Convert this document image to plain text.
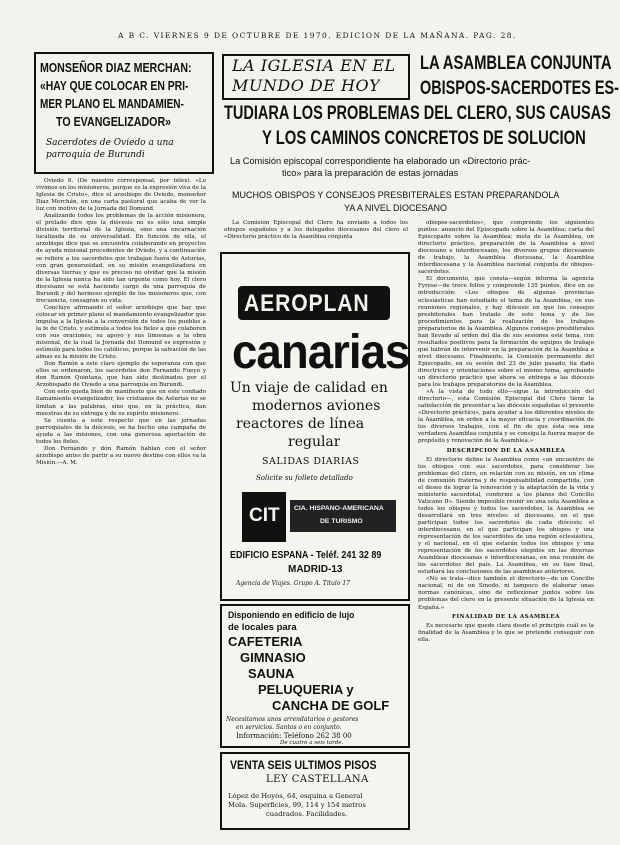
A B C. VIERNES 9 DE OCTUBRE DE 1970. EDICION DE LA MAÑANA. PAG. 28.
MONSEÑOR DIAZ MERCHAN:
«HAY QUE COLOCAR EN PRI-
MER PLANO EL MANDAMIEN-
TO EVANGELIZADOR»
Sacerdotes de Oviedo a una
parroquia de Burundi

Oviedo 8. (De nuestro corresponsal, por télex). «Lo vivimos en los misioneros, porque es la expresión viva de la Iglesia de Cristo», dice el arzobispo de Oviedo, monseñor Díaz Merchán, en una carta pastoral que acaba de ver la luz con motivo de la Jornada del Domund.

Analizando todos los problemas de la acción misionera, el prelado dice que la diócesis no es sólo una simple división territorial de la Iglesia, sino una encarnación localizada de su universalidad. En función de ella, el arzobispo dice que se encuentra colaborando en proyectos de ayuda misional procedentes de Oviedo, y a continuación se refiere a los sacerdotes que trabajan fuera de Asturias, con gran generosidad, en su misión evangelizadora en diversas tierras y que es preciso no olvidar que la misión de la Iglesia nunca ha sido tan urgente como hoy. El clero diocesano se está haciendo cargo de una parroquia de Burundi y del hermoso ejemplo de los misioneros que, con frecuencia, consagran su vida.

Concluye afirmando el señor arzobispo que hay que colocar en primer plano el mandamiento evangelizador que impulsa a la Iglesia a la conversión de todos los pueblos a la fe de Cristo, y estimula a todos los fieles a que colaboren con sus oraciones, su apoyo y sus limosnas a la obra misional, de la cual la Jornada del Domund es expresión y estímulo para todos los católicos, porque la salvación de las almas es la misión de Cristo.

Don Ramón a este claro ejemplo de esperanza con que ellos se ordenaron, los sacerdotes don Fernando Fueyo y don Ramón Quintana, que han sido destinados por el Arzobispado de Oviedo a una parroquia en Burundi.

Con esto queda bien de manifiesto que en este confiado llamamiento evangelizador, los cristianos de Asturias no se limitan a las palabras, sino que, en la práctica, dan muestras de su entrega y de su espíritu misionero.

Se cuenta a este respecto que en las jornadas parroquiales de la diócesis, se ha hecho una campaña de ayuda a las misiones, con una generosa aportación de todos los fieles.

Don Fernando y don Ramón hablan con el señor arzobispo antes de partir a su nuevo destino con ellos va la Misión.—A. M.

LA IGLESIA EN EL
MUNDO DE HOY
LA ASAMBLEA CONJUNTA
OBISPOS-SACERDOTES ES-
TUDIARA LOS PROBLEMAS DEL CLERO, SUS CAUSAS
Y LOS CAMINOS CONCRETOS DE SOLUCION
La Comisión episcopal correspondiente ha elaborado un «Directorio prác-
tico» para la preparación de estas jornadas
MUCHOS OBISPOS Y CONSEJOS PRESBITERALES ESTAN PREPARANDOLA
YA A NIVEL DIOCESANO

La Comisión Episcopal del Clero ha enviado a todos los obispos españoles y a los delegados diocesanos del clero el «Directorio práctico de la Asamblea conjunta

obispos-sacerdotes», que comprende los siguientes puntos: anuncio del Episcopado sobre la Asamblea; carta del Episcopado sobre la Asamblea; meta de la Asamblea, un directorio práctico, preparación de la Asamblea a nivel diocesano e interdiocesano, los diversos grupos diocesanos de trabajo, la Asamblea diocesana, la Asamblea interdiocesana y la Asamblea nacional conjunta de obispos-sacerdotes.

El documento, que consta—según informa la agencia Fyrese—de trece folios y comprende 135 puntos, dice en su introducción: «Los obispos de algunas provincias eclesiásticas han estudiado el tema de la Asamblea, en sus reuniones regionales, y hay diócesis en que los consejos presbiterales han tratado de este tema y de los procedimientos para la realización de los trabajos preparatorios de la Asamblea. Algunos consejos presbiterales han llevado al orden del día de sus sesiones este tema, con resultados positivos para la formación de equipos de trabajo que habrán de intervenir en la preparación de la Asamblea a nivel diocesano. Finalmente, la Comisión permanente del Episcopado, en su sesión del 23 de julio pasado, ha dado directrices y orientaciones sobre el mismo tema, aprobando un directorio práctico que ahora se entrega a las diócesis para los trabajos preparatorios de la Asamblea.

»A la vista de todo ello—sigue la introducción del directorio—, esta Comisión Episcopal del Clero tiene la satisfacción de presentar a las diócesis españolas el presente «Directorio práctico», para ayudar a los diferentes niveles de la Asamblea, en orden a la mayor eficacia y coordinación de los diversos trabajos, con el fin de que ésta sea una verdadera Asamblea conjunta y se consiga la fuerza mayor de propósito y renovación de la Asamblea.»

DESCRIPCION DE LA ASAMBLEA

El directorio define la Asamblea como «un encuentro de los obispos con sus sacerdotes, para considerar los problemas del clero, en relación con su misión, en un clima de comunión fraterna y de responsabilidad compartida, con el deseo de lograr la renovación y la adaptación de la vida y ministerio sacerdotal, conforme a los planes del Concilio Vaticano II». Siendo imposible reunir en una sola Asamblea a todos los obispos y todos los sacerdotes, la Asamblea se desarrollará en tres niveles: el diocesano, en el que participan todos los sacerdotes de cada diócesis; el interdiocesano, en el que participan los obispos y una representación de los sacerdotes de una región eclesiástica, y el nacional, en el que estarán todos los obispos y una representación de los sacerdotes elegidos en las diversas Asambleas diocesanas e interdiocesanas, en una reunión de los sacerdotes del país. La Asamblea, en su fase final, estudiará las conclusiones de las asambleas anteriores.

«No se trata—dice también el directorio—de un Concilio nacional, ni de un Sínodo, ni tampoco de elaborar unas normas canónicas, sino de reflexionar juntos sobre los problemas del clero en la presente situación de la Iglesia en España.»

FINALIDAD DE LA ASAMBLEA

Es necesario que quede clara desde el principio cuál es la finalidad de la Asamblea y lo que se pretende conseguir con ella.

AEROPLAN
canarias
Un viaje de calidad en
modernos aviones
reactores de línea
regular
SALIDAS DIARIAS
Solicite su folleto detallado
CIT CIA. HISPANO-AMERICANA
DE TURISMO
EDIFICIO ESPAÑA - Teléf. 241 32 89
MADRID-13
Agencia de Viajes. Grupo A. Título 17
Disponiendo en edificio de lujo
de locales para
CAFETERIA
GIMNASIO
SAUNA
PELUQUERIA y
CANCHA DE GOLF
Necesitamos unos arrendatarios o gestores
en servicios. Santos o en conjunto.
Información: Teléfono 262 38 00
De cuatro a seis tarde.
VENTA SEIS ULTIMOS PISOS
LEY CASTELLANA
López de Hoyos, 64, esquina a General
Mola. Superficies, 99, 114 y 154 metros
cuadrados. Facilidades.
